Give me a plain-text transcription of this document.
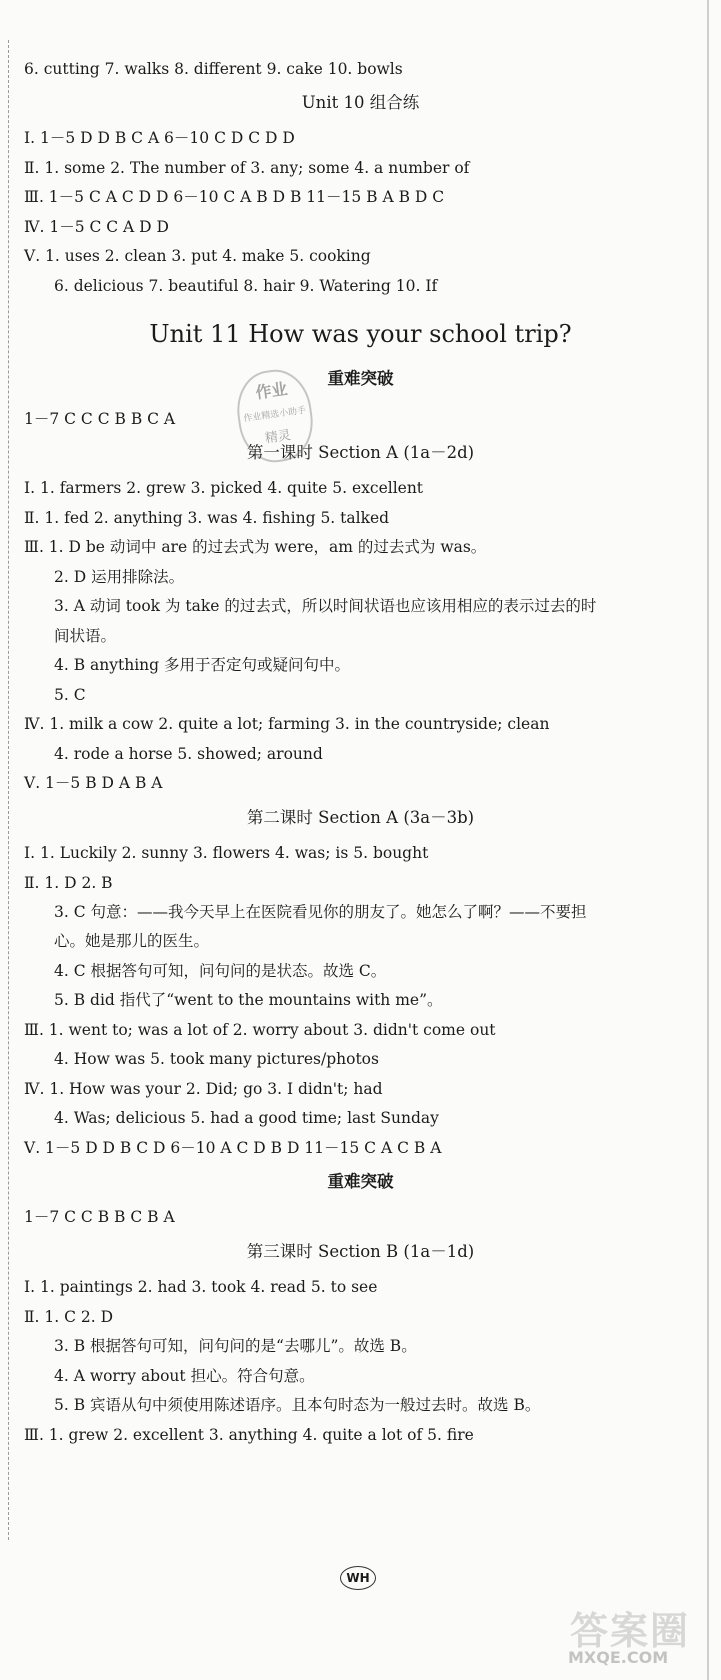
6. cutting 7. walks 8. different 9. cake 10. bowls
Unit 10 组合练
Ⅰ. 1－5 D D B C A 6－10 C D C D D
Ⅱ. 1. some 2. The number of 3. any; some 4. a number of
Ⅲ. 1－5 C A C D D 6－10 C A B D B 11－15 B A B D C
Ⅳ. 1－5 C C A D D
Ⅴ. 1. uses 2. clean 3. put 4. make 5. cooking
6. delicious 7. beautiful 8. hair 9. Watering 10. If
Unit 11 How was your school trip?
重难突破
1－7 C C C B B C A
第一课时 Section A (1a－2d)
Ⅰ. 1. farmers 2. grew 3. picked 4. quite 5. excellent
Ⅱ. 1. fed 2. anything 3. was 4. fishing 5. talked
Ⅲ. 1. D be 动词中 are 的过去式为 were，am 的过去式为 was。
2. D 运用排除法。
3. A 动词 took 为 take 的过去式，所以时间状语也应该用相应的表示过去的时
间状语。
4. B anything 多用于否定句或疑问句中。
5. C
Ⅳ. 1. milk a cow 2. quite a lot; farming 3. in the countryside; clean
4. rode a horse 5. showed; around
Ⅴ. 1－5 B D A B A
第二课时 Section A (3a－3b)
Ⅰ. 1. Luckily 2. sunny 3. flowers 4. was; is 5. bought
Ⅱ. 1. D 2. B
3. C 句意：——我今天早上在医院看见你的朋友了。她怎么了啊？——不要担
心。她是那儿的医生。
4. C 根据答句可知，问句问的是状态。故选 C。
5. B did 指代了“went to the mountains with me”。
Ⅲ. 1. went to; was a lot of 2. worry about 3. didn't come out
4. How was 5. took many pictures/photos
Ⅳ. 1. How was your 2. Did; go 3. I didn't; had
4. Was; delicious 5. had a good time; last Sunday
Ⅴ. 1－5 D D B C D 6－10 A C D B D 11－15 C A C B A
重难突破
1－7 C C B B C B A
第三课时 Section B (1a－1d)
Ⅰ. 1. paintings 2. had 3. took 4. read 5. to see
Ⅱ. 1. C 2. D
3. B 根据答句可知，问句问的是“去哪儿”。故选 B。
4. A worry about 担心。符合句意。
5. B 宾语从句中须使用陈述语序。且本句时态为一般过去时。故选 B。
Ⅲ. 1. grew 2. excellent 3. anything 4. quite a lot of 5. fire
作业
作业精选小助手
精灵
WH
答案圈
MXQE.COM
